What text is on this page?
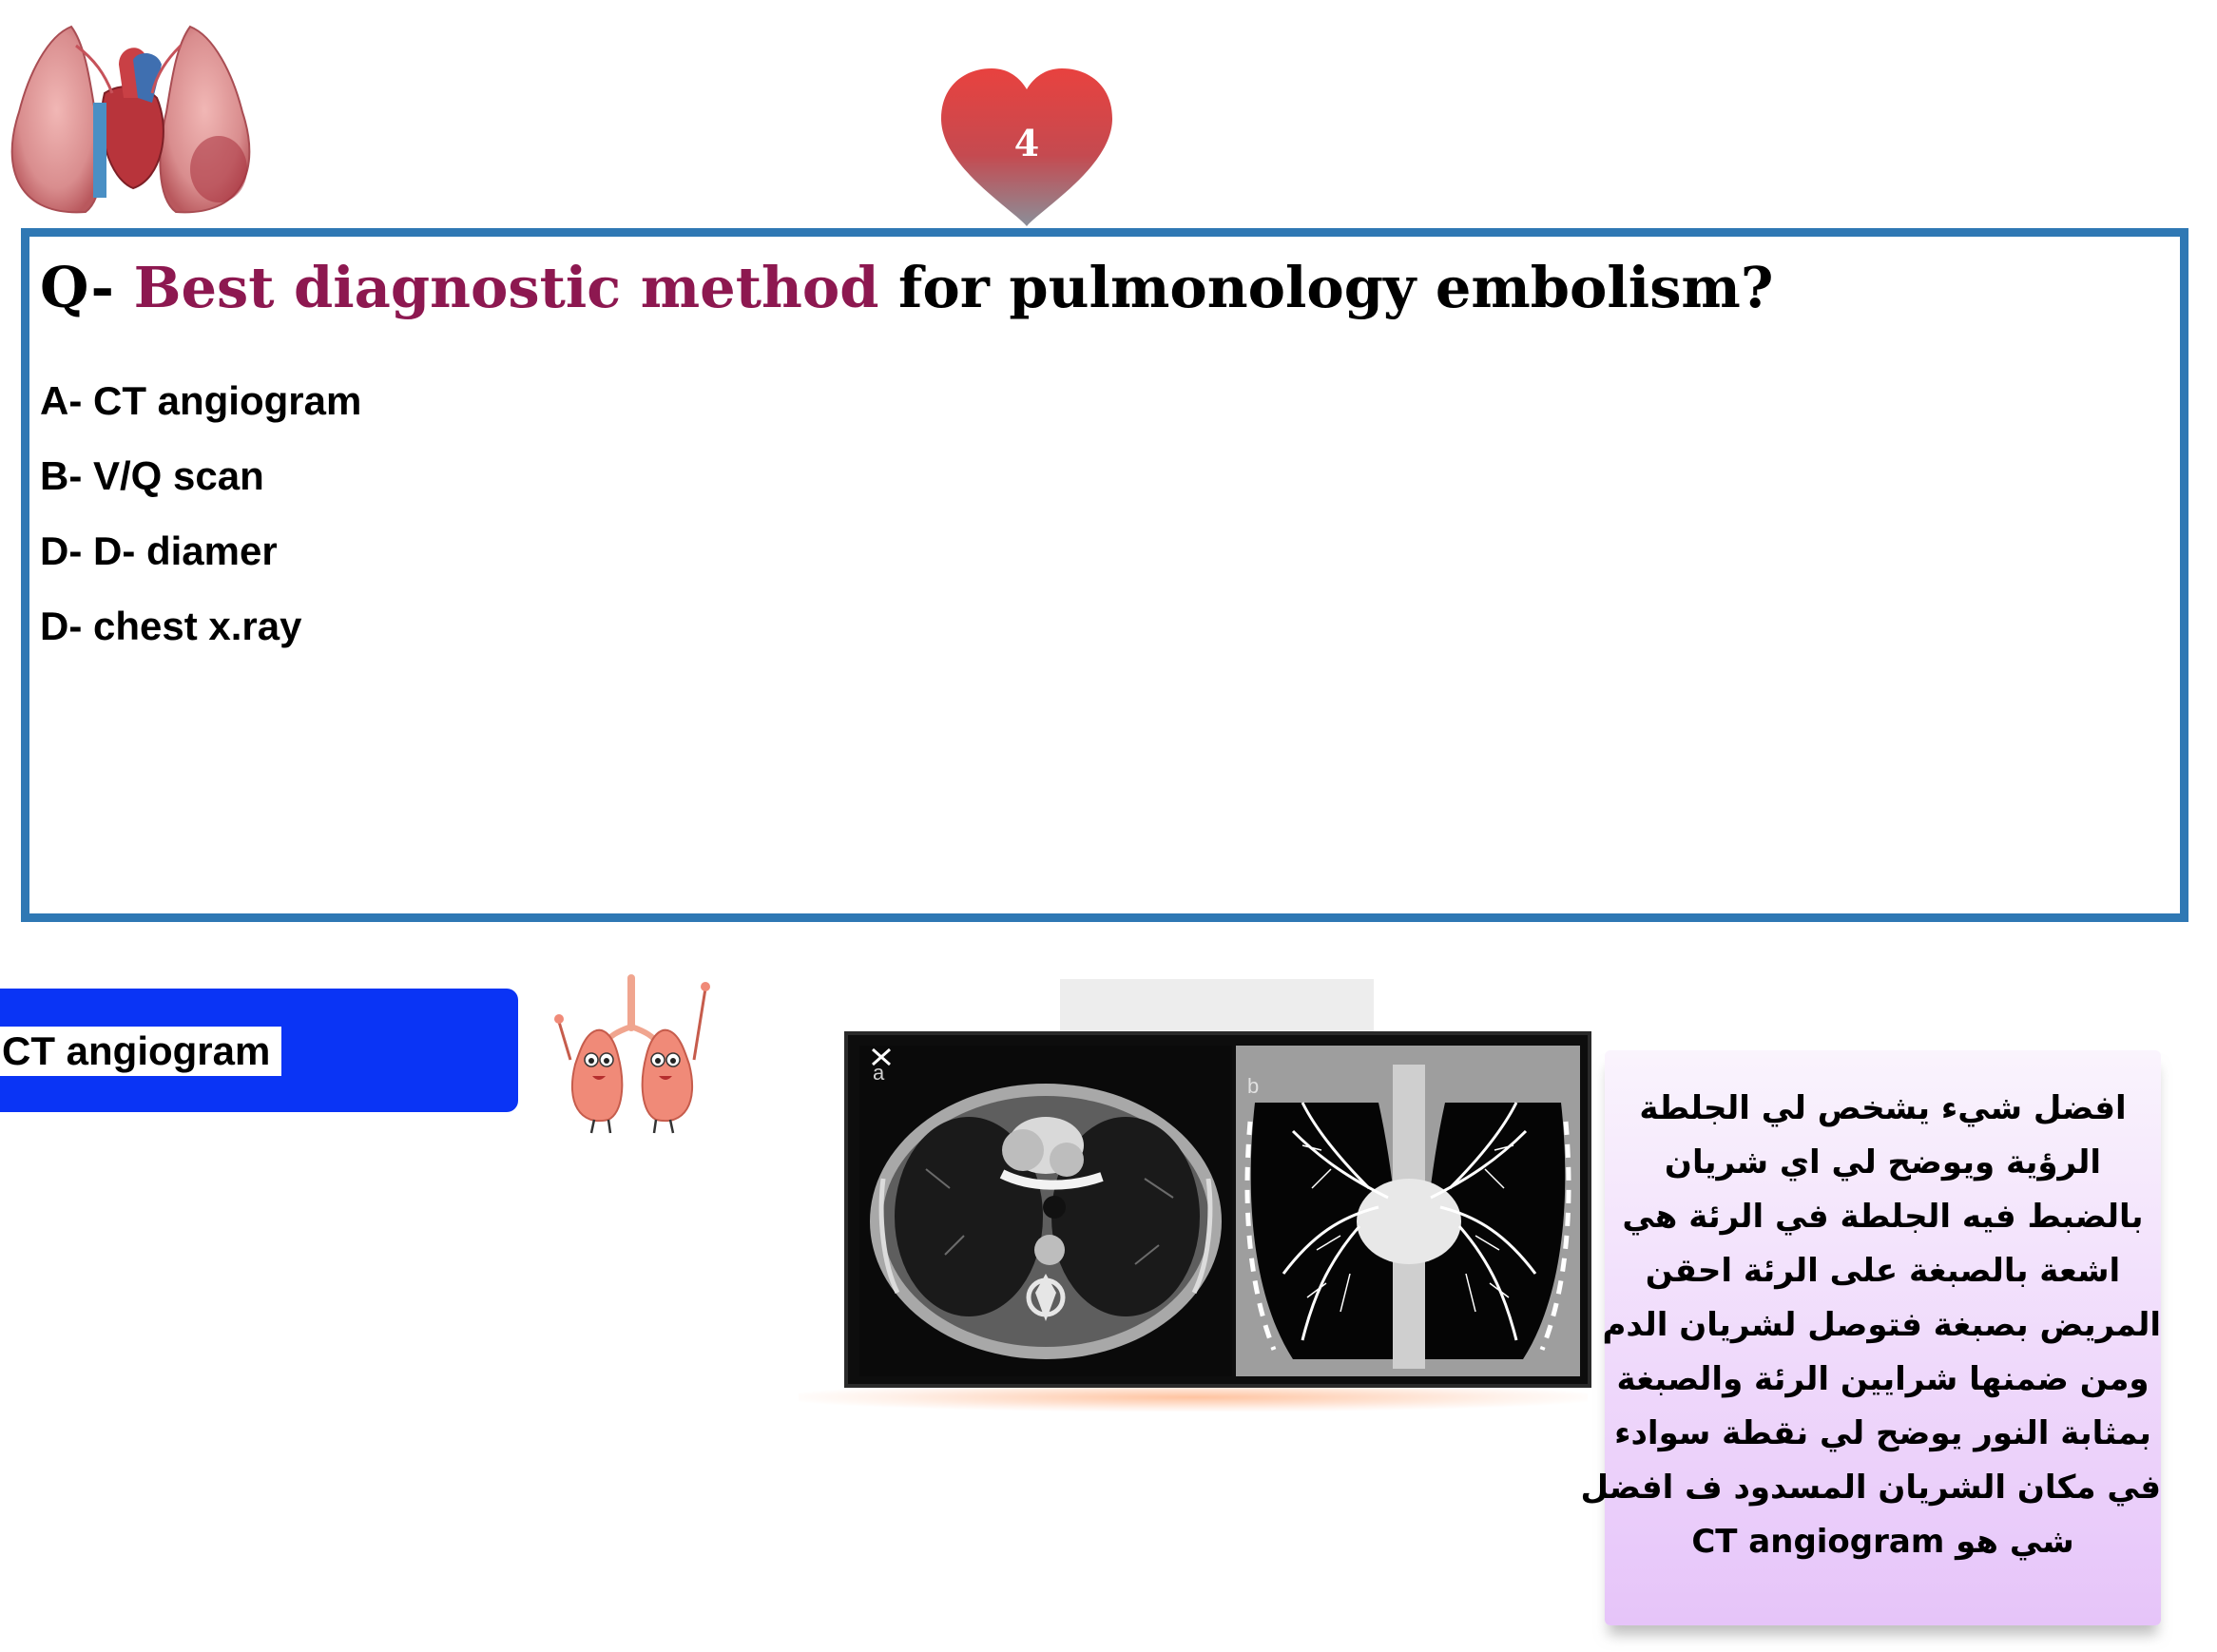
4
Q- Best diagnostic method for pulmonology embolism?
A- CT angiogram
B- V/Q scan
D- D- diamer
D- chest x.ray
CT angiogram	a
b
افضل شيء يشخص لي الجلطة
الرؤية ويوضح لي اي شريان
بالضبط فيه الجلطة في الرئة هي
اشعة بالصبغة على الرئة احقن
المريض بصبغة فتوصل لشريان الدم
ومن ضمنها شرايين الرئة والصبغة
بمثابة النور يوضح لي نقطة سوادء
في مكان الشريان المسدود ف افضل
شي هو CT angiogram
